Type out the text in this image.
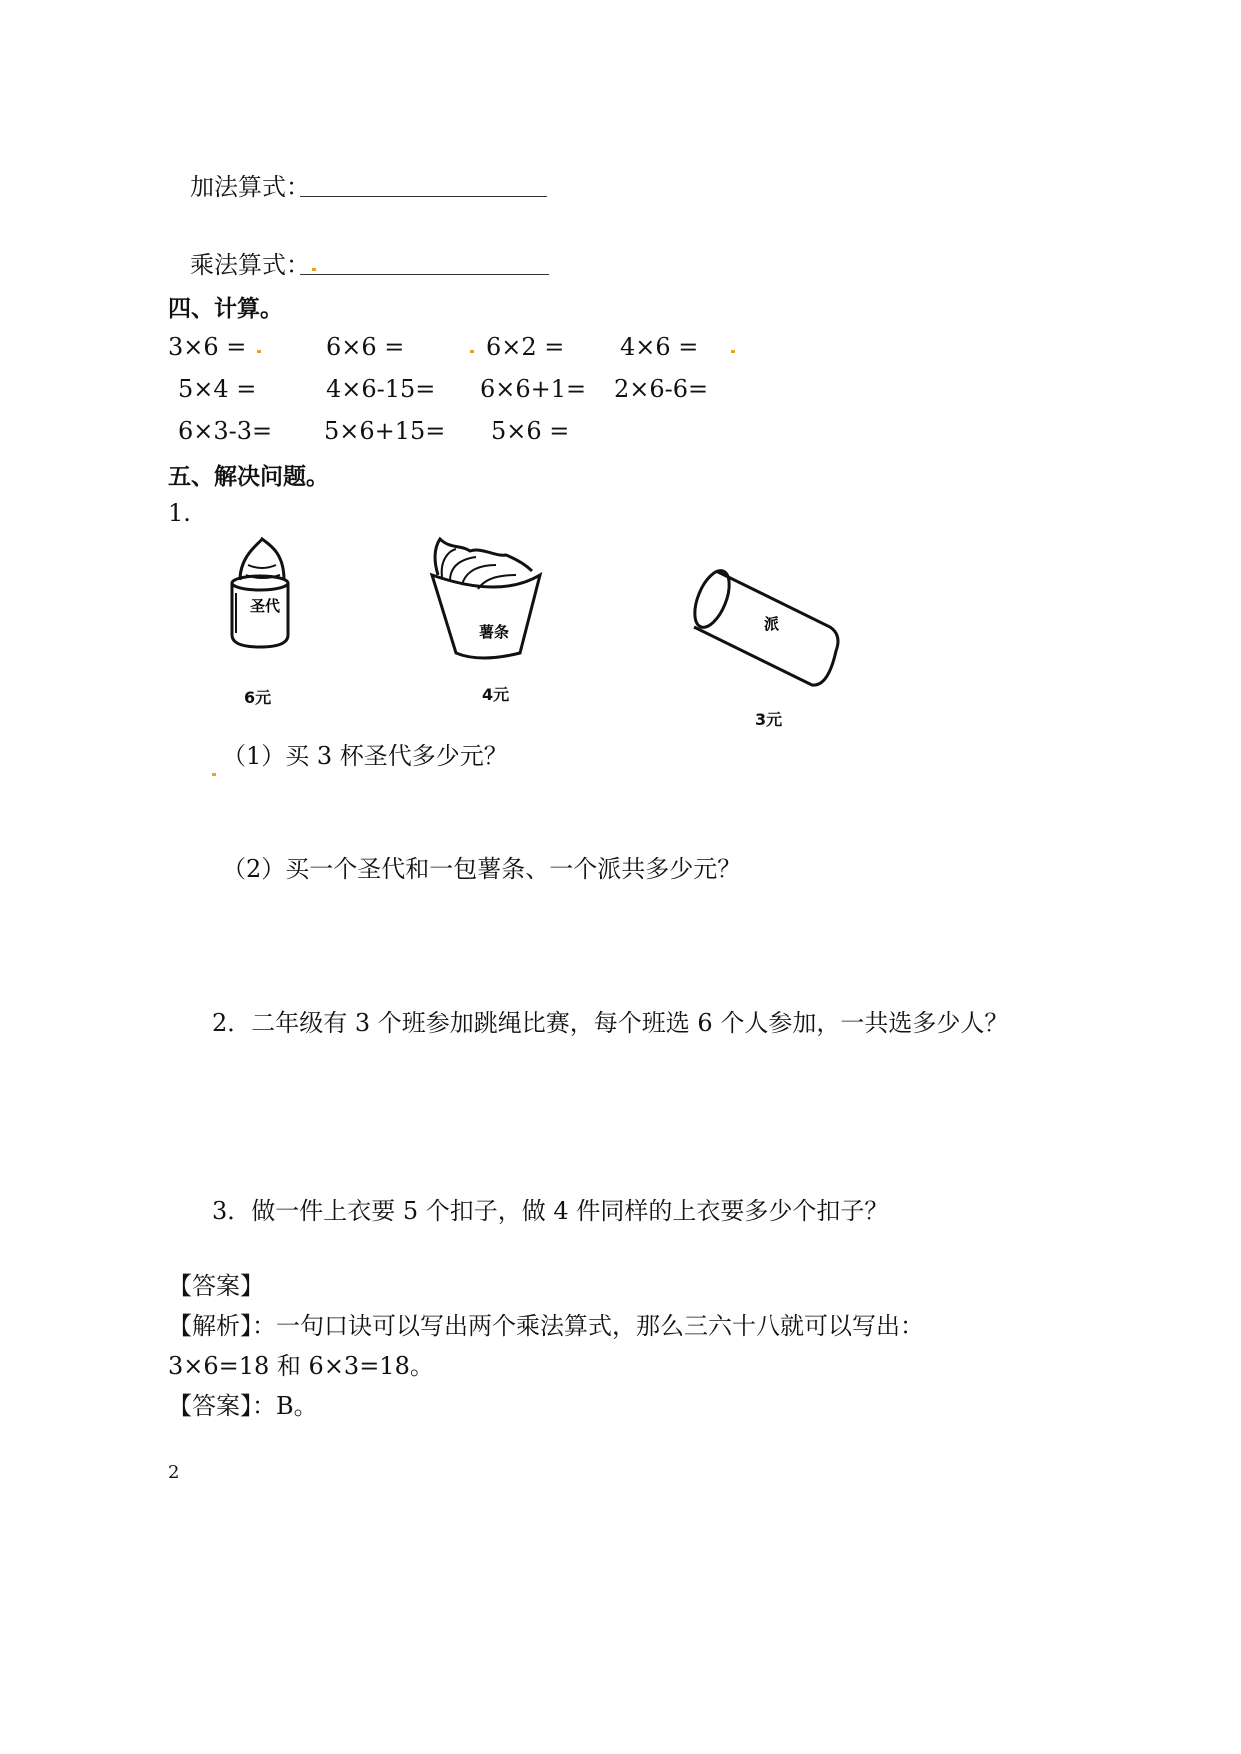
加法算式：
乘法算式：
四、计算。
3×6 =	6×6 =	6×2 = 4×6 =
5×4 =	4×6-15= 6×6+1= 2×6-6=
6×3-3= 5×6+15= 5×6 =
五、解决问题。
1.
圣代
薯条	派
6元	4元
3元
（1）买 3 杯圣代多少元？
（2）买一个圣代和一包薯条、一个派共多少元？
2．二年级有 3 个班参加跳绳比赛，每个班选 6 个人参加，一共选多少人？
3．做一件上衣要 5 个扣子，做 4 件同样的上衣要多少个扣子？
【答案】
【解析】：一句口诀可以写出两个乘法算式，那么三六十八就可以写出：
3×6=18 和 6×3=18。
【答案】：B。
2
